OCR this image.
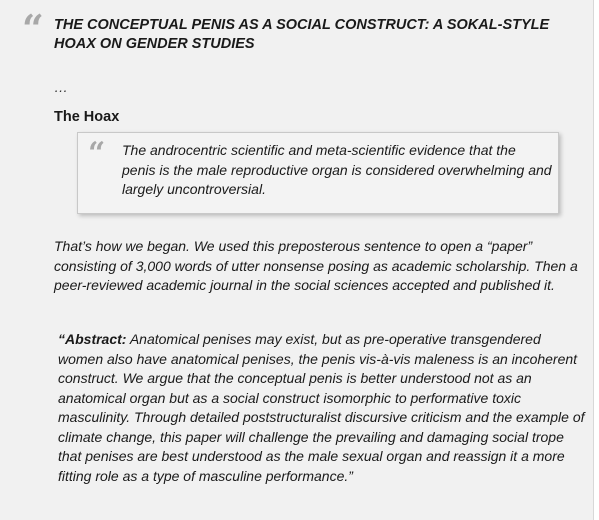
“ THE CONCEPTUAL PENIS AS A SOCIAL CONSTRUCT: A SOKAL-STYLE HOAX ON GENDER STUDIES
…
The Hoax
“ The androcentric scientific and meta-scientific evidence that the penis is the male reproductive organ is considered overwhelming and largely uncontroversial.
That’s how we began. We used this preposterous sentence to open a “paper” consisting of 3,000 words of utter nonsense posing as academic scholarship. Then a peer-reviewed academic journal in the social sciences accepted and published it.
“Abstract: Anatomical penises may exist, but as pre-operative transgendered women also have anatomical penises, the penis vis-à-vis maleness is an incoherent construct. We argue that the conceptual penis is better understood not as an anatomical organ but as a social construct isomorphic to performative toxic masculinity. Through detailed poststructuralist discursive criticism and the example of climate change, this paper will challenge the prevailing and damaging social trope that penises are best understood as the male sexual organ and reassign it a more fitting role as a type of masculine performance.”
